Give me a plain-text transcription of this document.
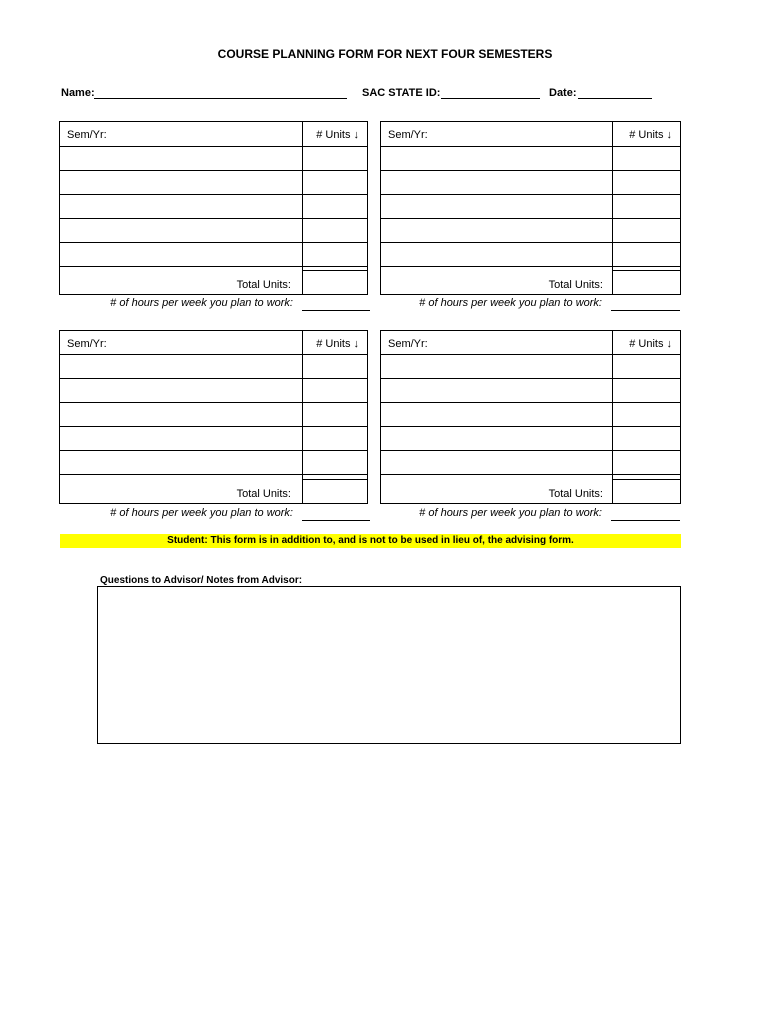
COURSE PLANNING FORM FOR NEXT FOUR SEMESTERS
Name:	SAC STATE ID:	Date:
Sem/Yr:	# Units ↓
Total Units:
# of hours per week you plan to work:
Sem/Yr:	# Units ↓
Total Units:
# of hours per week you plan to work:
Sem/Yr:	# Units ↓
Total Units:
# of hours per week you plan to work:
Sem/Yr:	# Units ↓
Total Units:
# of hours per week you plan to work:
Student: This form is in addition to, and is not to be used in lieu of, the advising form.
Questions to Advisor/ Notes from Advisor:
